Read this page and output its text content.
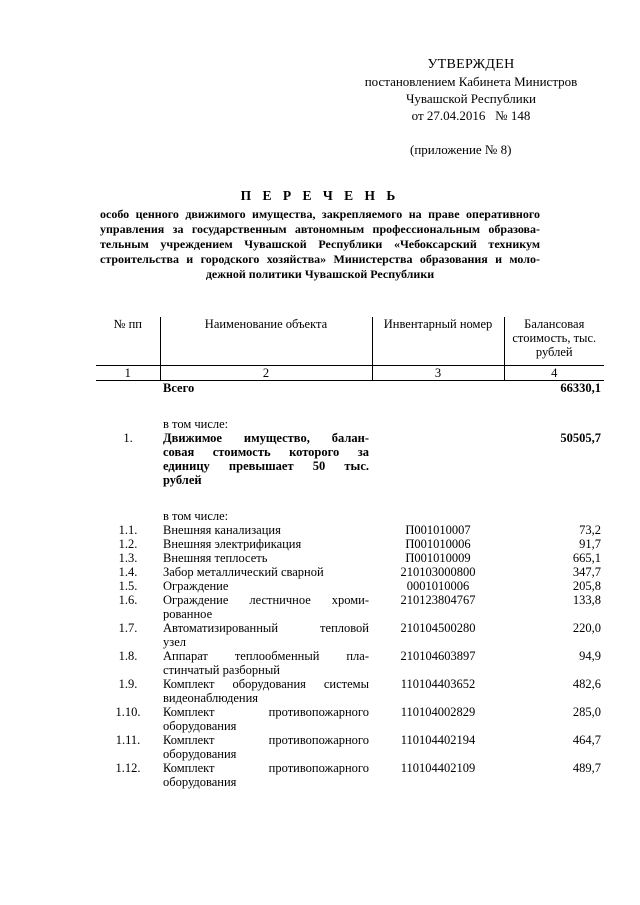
УТВЕРЖДЕН
постановлением Кабинета Министров
Чувашской Республики
от 27.04.2016   № 148
(приложение № 8)
П Е Р Е Ч Е Н Ь
особо ценного движимого имущества, закрепляемого на праве оперативного управления за государственным автономным профессиональным образова-тельным учреждением Чувашской Республики «Чебоксарский техникум строительства и городского хозяйства» Министерства образования и моло-дежной политики Чувашской Республики
№ пп	Наименование объекта	Инвентарный номер	Балансовая стоимость, тыс. рублей
1	2	3	4
	Всего		66330,1

	в том числе:		
1.	Движимое имущество, балан-
совая стоимость которого за
единицу превышает 50 тыс.
рублей		50505,7

	в том числе:		
1.1.	Внешняя канализация	П001010007	73,2
1.2.	Внешняя электрификация	П001010006	91,7
1.3.	Внешняя теплосеть	П001010009	665,1
1.4.	Забор металлический сварной	210103000800	347,7
1.5.	Ограждение	0001010006	205,8
1.6.	Ограждение лестничное хроми-
рованное	210123804767	133,8
1.7.	Автоматизированный тепловой
узел	210104500280	220,0
1.8.	Аппарат теплообменный пла-
стинчатый разборный	210104603897	94,9
1.9.	Комплект оборудования системы
видеонаблюдения	110104403652	482,6
1.10.	Комплект противопожарного
оборудования	110104002829	285,0
1.11.	Комплект противопожарного
оборудования	110104402194	464,7
1.12.	Комплект противопожарного
оборудования	110104402109	489,7
